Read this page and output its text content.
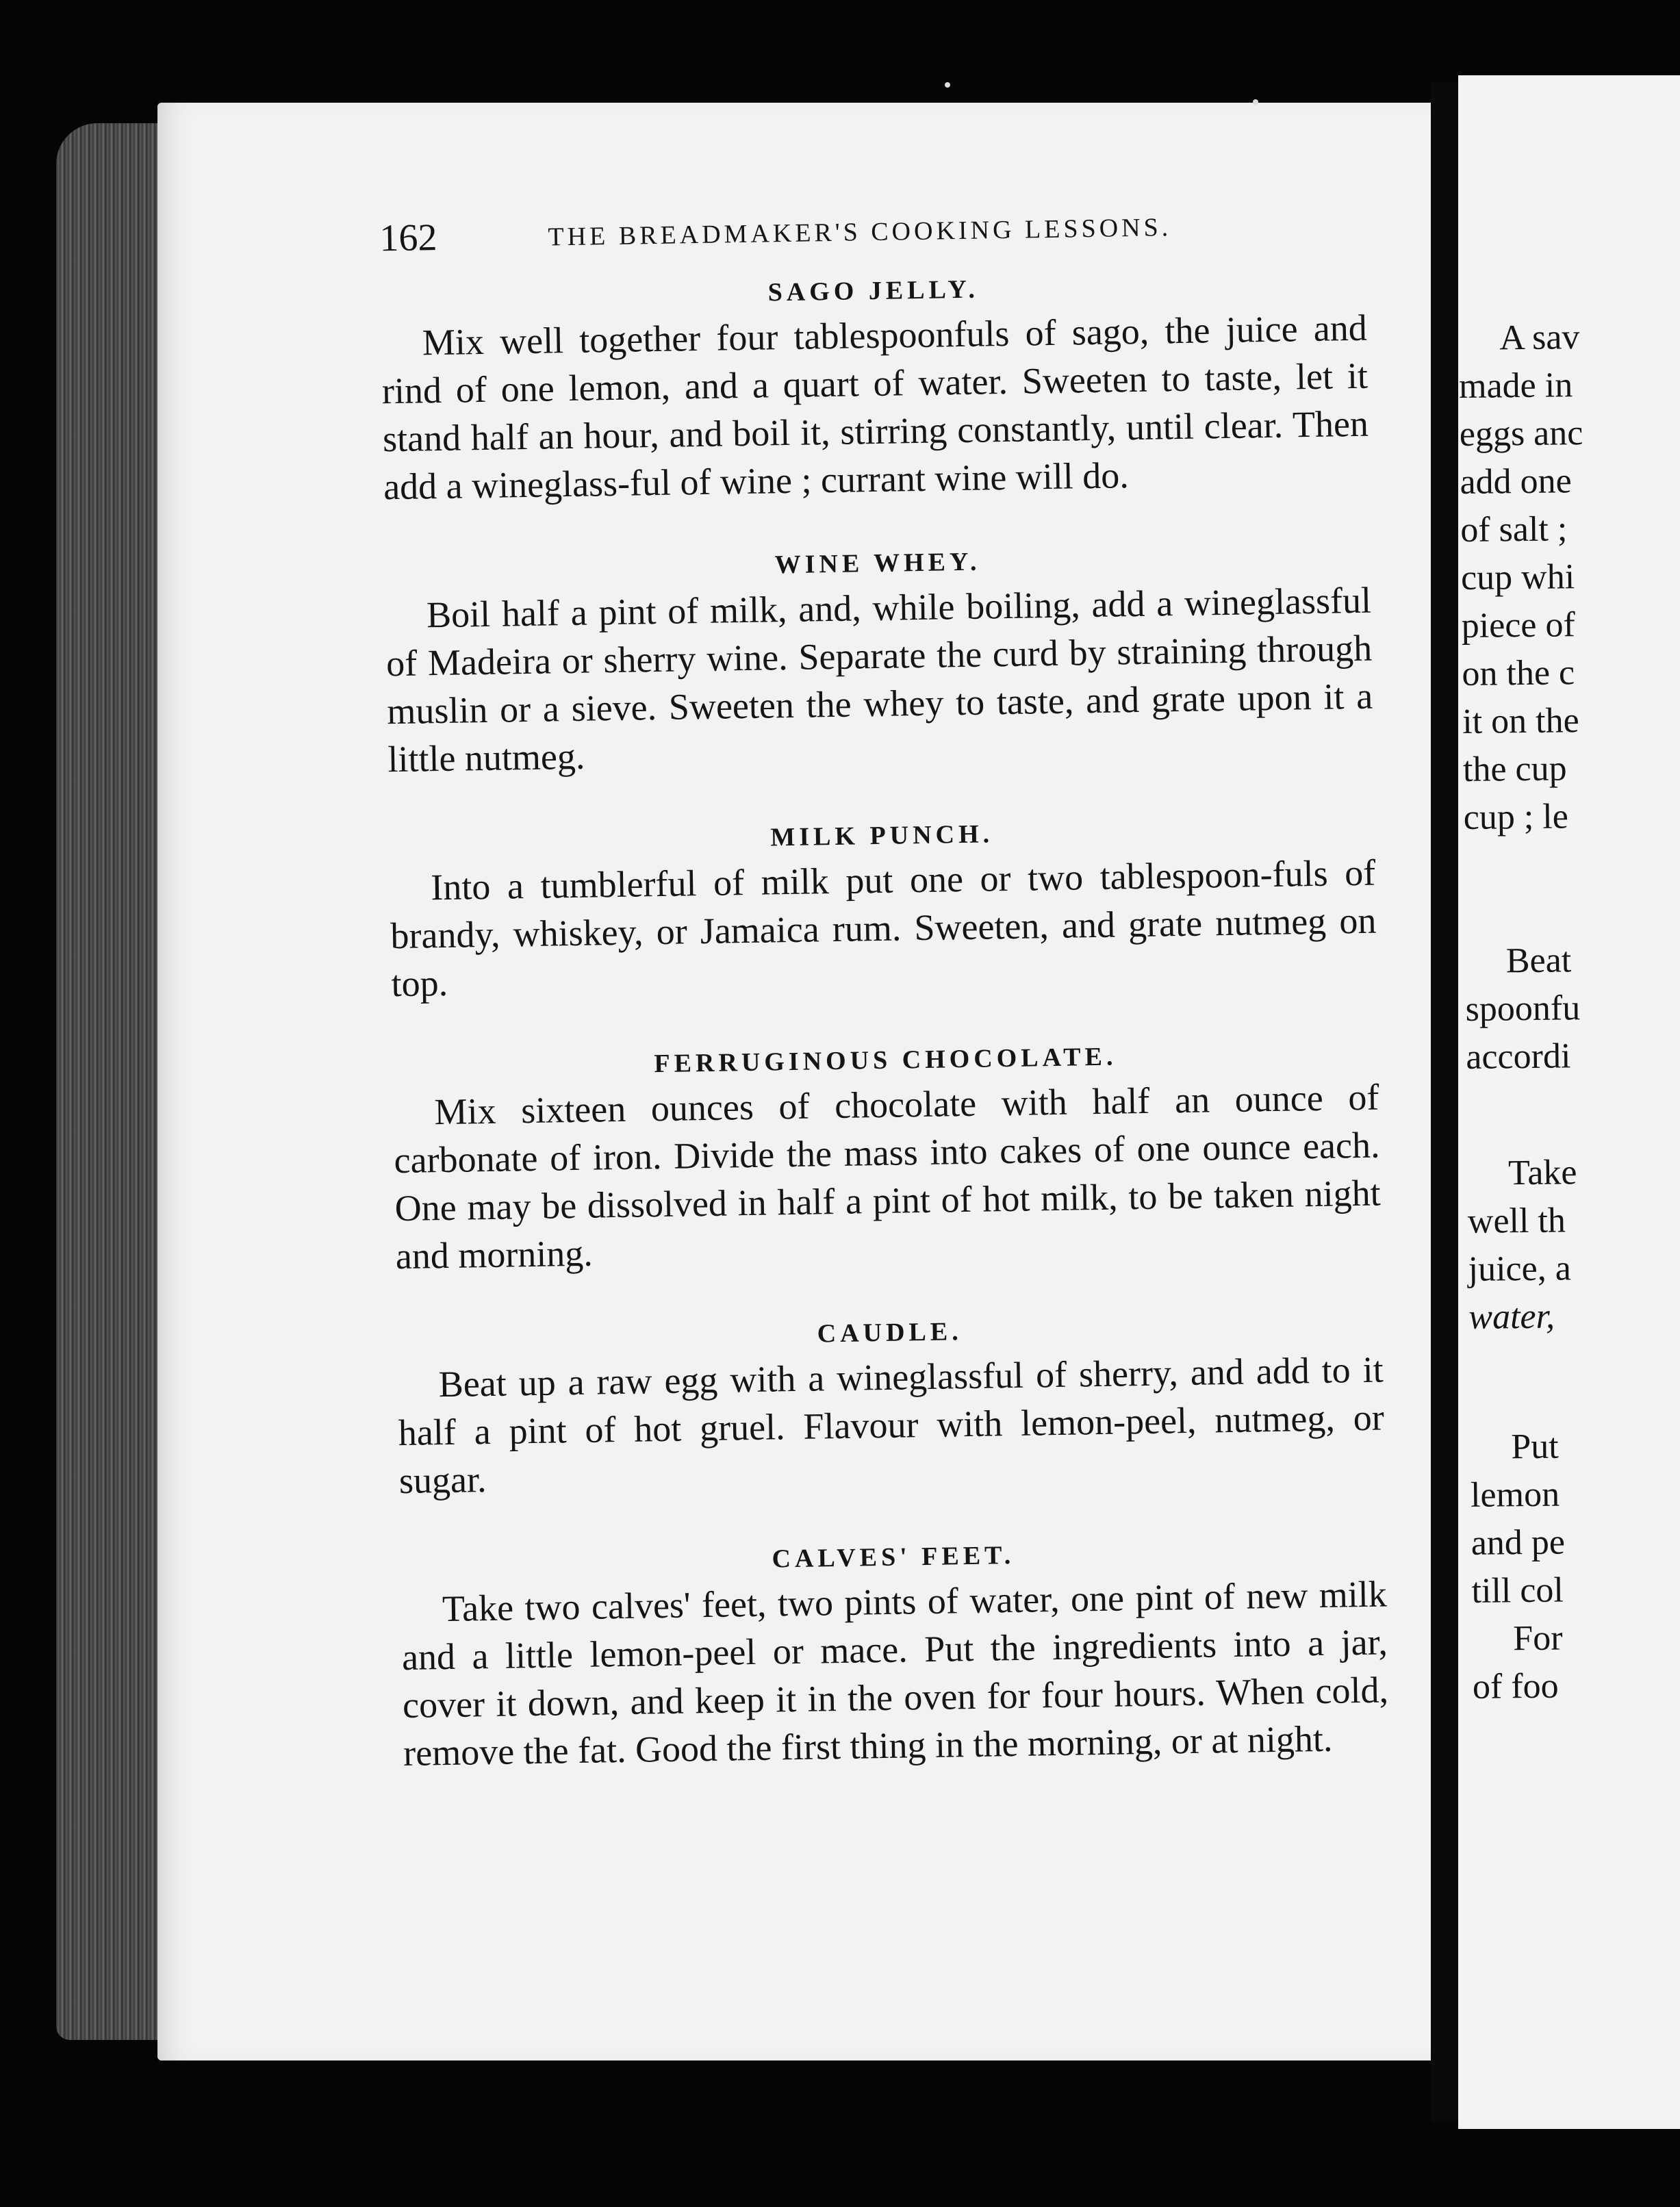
162	THE BREADMAKER'S COOKING LESSONS.
SAGO JELLY.

Mix well together four tablespoonfuls of sago, the juice and rind of one lemon, and a quart of water. Sweeten to taste, let it stand half an hour, and boil it, stirring constantly, until clear. Then add a wineglass-ful of wine ; currant wine will do.

WINE WHEY.

Boil half a pint of milk, and, while boiling, add a wineglassful of Madeira or sherry wine. Separate the curd by straining through muslin or a sieve. Sweeten the whey to taste, and grate upon it a little nutmeg.

MILK PUNCH.

Into a tumblerful of milk put one or two tablespoon-fuls of brandy, whiskey, or Jamaica rum. Sweeten, and grate nutmeg on top.

FERRUGINOUS CHOCOLATE.

Mix sixteen ounces of chocolate with half an ounce of carbonate of iron. Divide the mass into cakes of one ounce each. One may be dissolved in half a pint of hot milk, to be taken night and morning.

CAUDLE.

Beat up a raw egg with a wineglassful of sherry, and add to it half a pint of hot gruel. Flavour with lemon-peel, nutmeg, or sugar.

CALVES' FEET.

Take two calves' feet, two pints of water, one pint of new milk and a little lemon-peel or mace. Put the ingredients into a jar, cover it down, and keep it in the oven for four hours. When cold, remove the fat. Good the first thing in the morning, or at night.

A sav
made in
eggs anc
add one
of salt ;
cup whi
piece of
on the c
it on the
the cup
cup ; le
Beat
spoonfu
accordi
Take
well th
juice, a
water,
Put
lemon
and pe
till col
For
of foo
